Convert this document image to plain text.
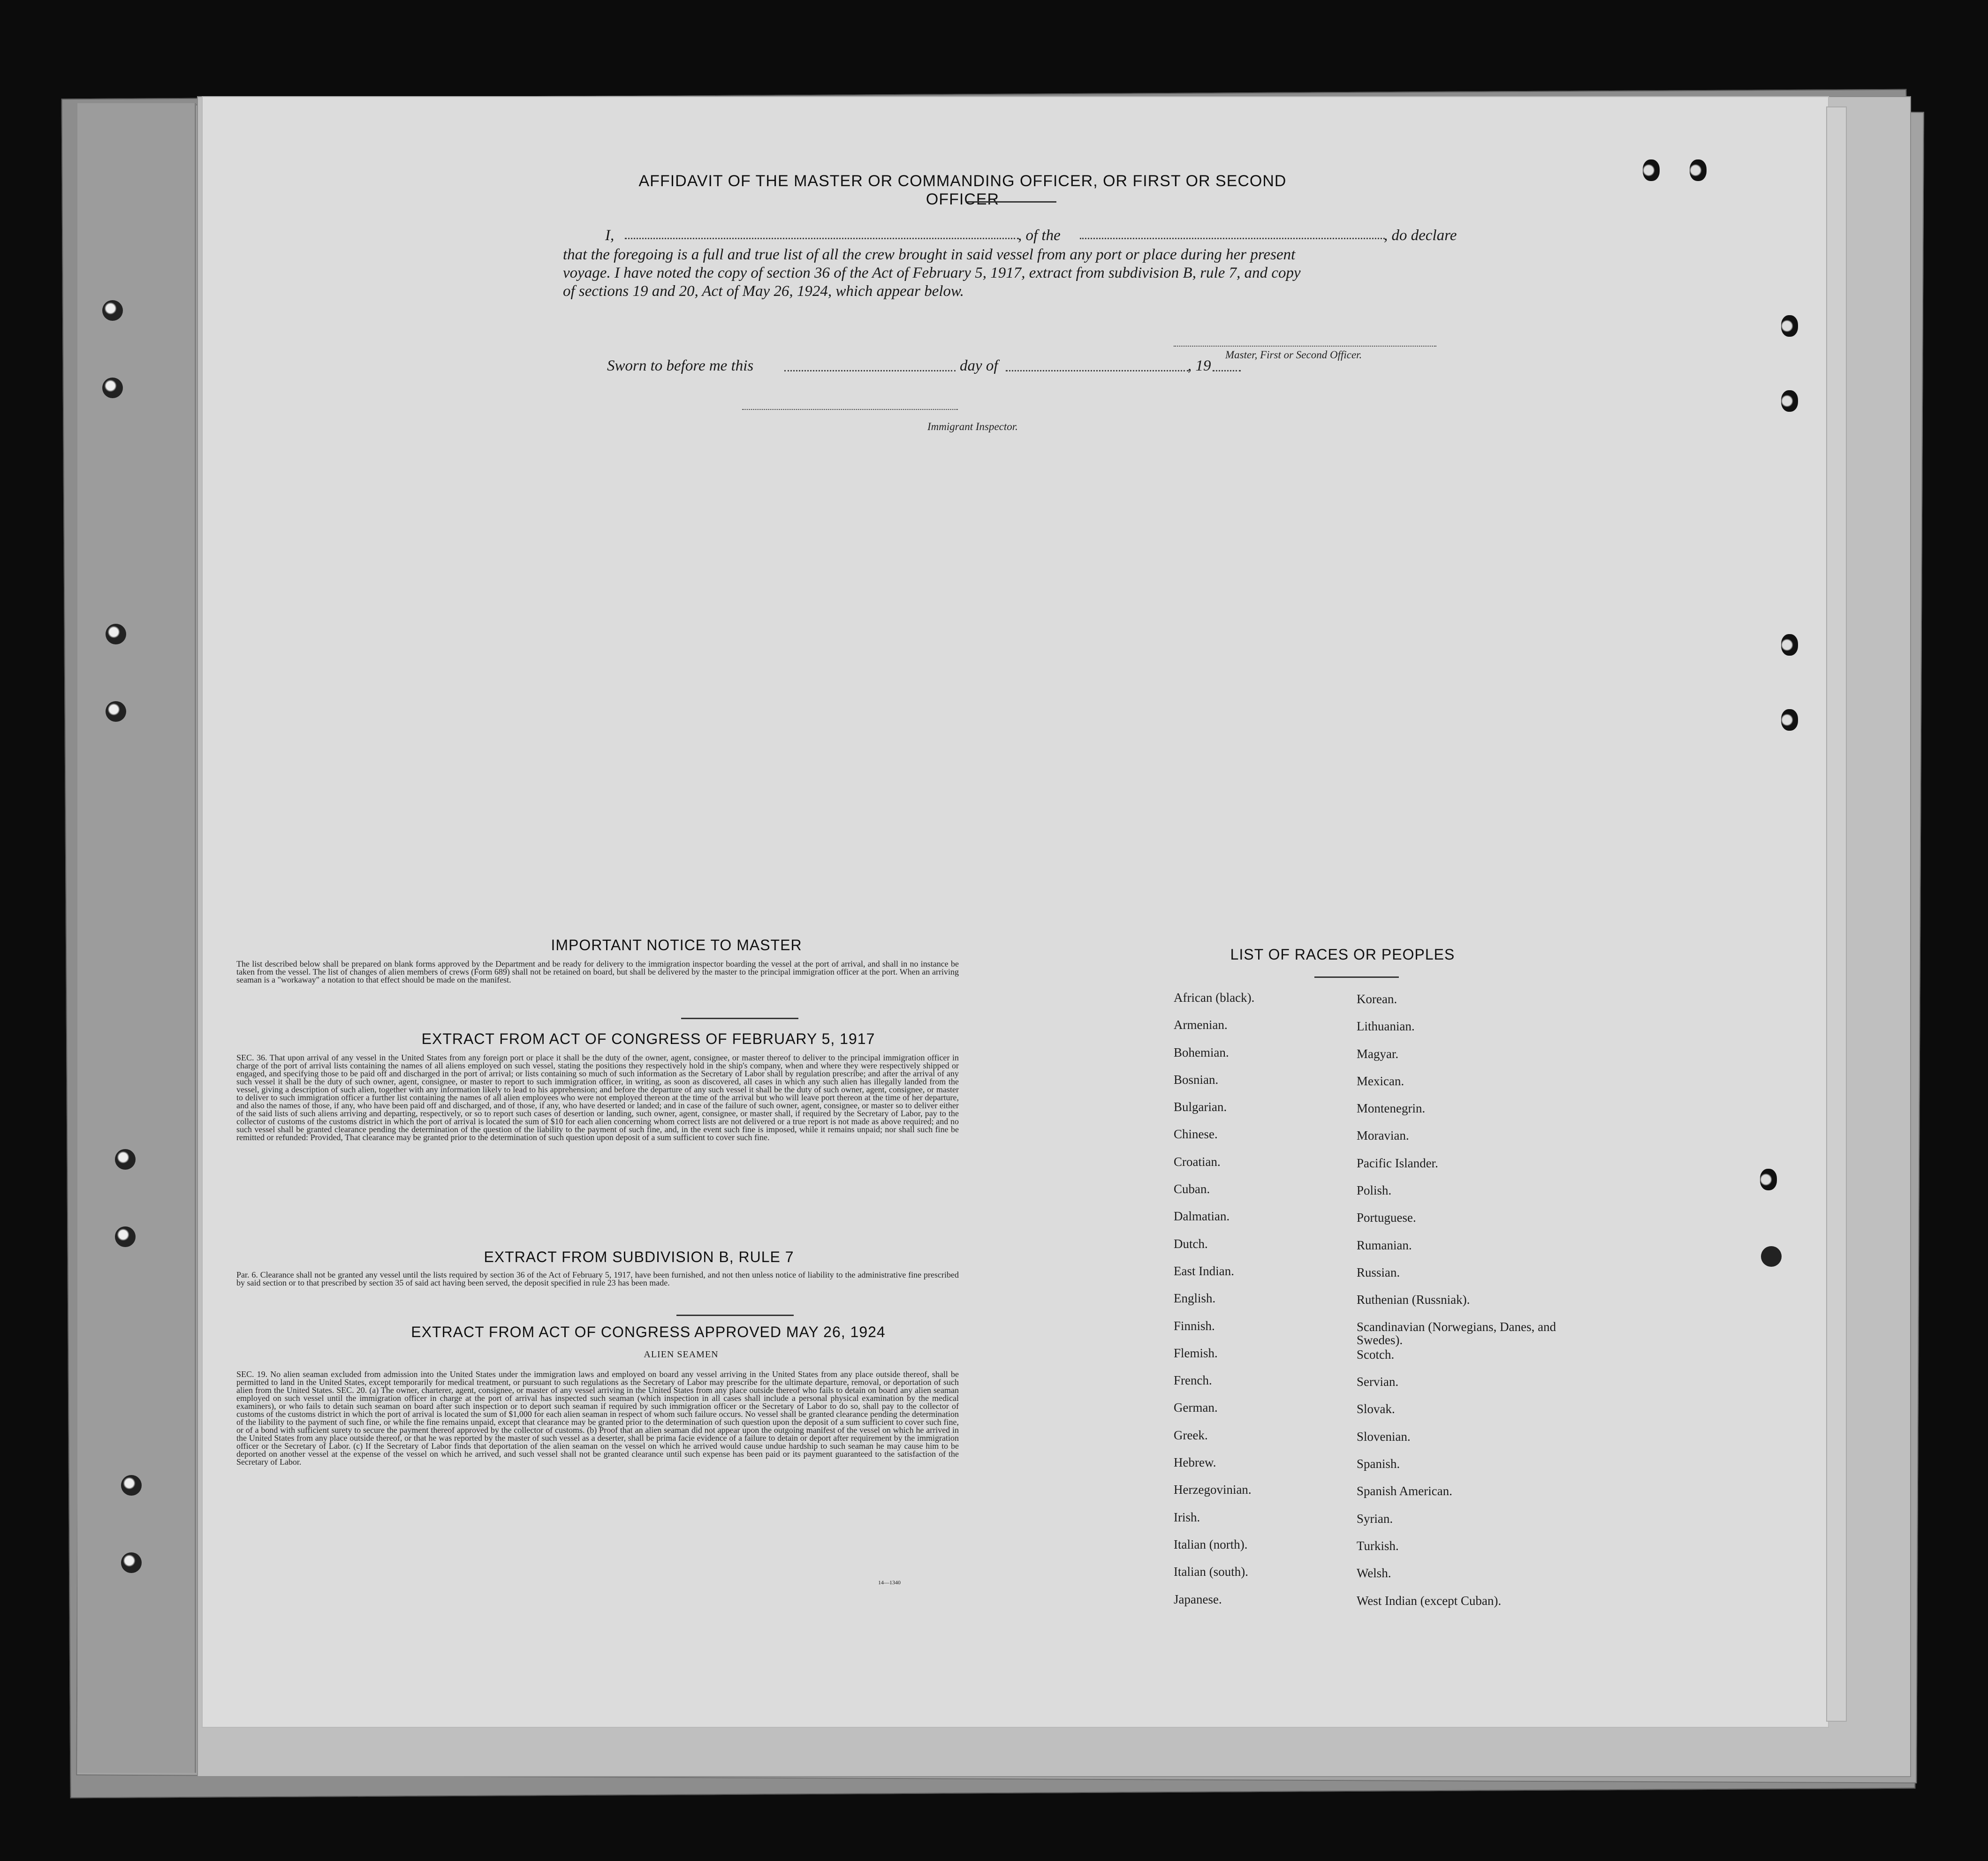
AFFIDAVIT OF THE MASTER OR COMMANDING OFFICER, OR FIRST OR SECOND OFFICER
I,	, of the	, do declare
that the foregoing is a full and true list of all the crew brought in said vessel from any port or place during her present
voyage. I have noted the copy of section 36 of the Act of February 5, 1917, extract from subdivision B, rule 7, and copy
of sections 19 and 20, Act of May 26, 1924, which appear below.
Master, First or Second Officer.
Sworn to before me this	day of	, 19
Immigrant Inspector.
IMPORTANT NOTICE TO MASTER
The list described below shall be prepared on blank forms approved by the Department and be ready for delivery to the immigration inspector boarding the vessel at the port of arrival, and shall in no instance be taken from the vessel. The list of changes of alien members of crews (Form 689) shall not be retained on board, but shall be delivered by the master to the principal immigration officer at the port. When an arriving seaman is a "workaway" a notation to that effect should be made on the manifest.
EXTRACT FROM ACT OF CONGRESS OF FEBRUARY 5, 1917
SEC. 36. That upon arrival of any vessel in the United States from any foreign port or place it shall be the duty of the owner, agent, consignee, or master thereof to deliver to the principal immigration officer in charge of the port of arrival lists containing the names of all aliens employed on such vessel, stating the positions they respectively hold in the ship's company, when and where they were respectively shipped or engaged, and specifying those to be paid off and discharged in the port of arrival; or lists containing so much of such information as the Secretary of Labor shall by regulation prescribe; and after the arrival of any such vessel it shall be the duty of such owner, agent, consignee, or master to report to such immigration officer, in writing, as soon as discovered, all cases in which any such alien has illegally landed from the vessel, giving a description of such alien, together with any information likely to lead to his apprehension; and before the departure of any such vessel it shall be the duty of such owner, agent, consignee, or master to deliver to such immigration officer a further list containing the names of all alien employees who were not employed thereon at the time of the arrival but who will leave port thereon at the time of her departure, and also the names of those, if any, who have been paid off and discharged, and of those, if any, who have deserted or landed; and in case of the failure of such owner, agent, consignee, or master so to deliver either of the said lists of such aliens arriving and departing, respectively, or so to report such cases of desertion or landing, such owner, agent, consignee, or master shall, if required by the Secretary of Labor, pay to the collector of customs of the customs district in which the port of arrival is located the sum of $10 for each alien concerning whom correct lists are not delivered or a true report is not made as above required; and no such vessel shall be granted clearance pending the determination of the question of the liability to the payment of such fine, and, in the event such fine is imposed, while it remains unpaid; nor shall such fine be remitted or refunded: Provided, That clearance may be granted prior to the determination of such question upon deposit of a sum sufficient to cover such fine.
EXTRACT FROM SUBDIVISION B, RULE 7
Par. 6. Clearance shall not be granted any vessel until the lists required by section 36 of the Act of February 5, 1917, have been furnished, and not then unless notice of liability to the administrative fine prescribed by said section or to that prescribed by section 35 of said act having been served, the deposit specified in rule 23 has been made.
EXTRACT FROM ACT OF CONGRESS APPROVED MAY 26, 1924
ALIEN SEAMEN
SEC. 19. No alien seaman excluded from admission into the United States under the immigration laws and employed on board any vessel arriving in the United States from any place outside thereof, shall be permitted to land in the United States, except temporarily for medical treatment, or pursuant to such regulations as the Secretary of Labor may prescribe for the ultimate departure, removal, or deportation of such alien from the United States. SEC. 20. (a) The owner, charterer, agent, consignee, or master of any vessel arriving in the United States from any place outside thereof who fails to detain on board any alien seaman employed on such vessel until the immigration officer in charge at the port of arrival has inspected such seaman (which inspection in all cases shall include a personal physical examination by the medical examiners), or who fails to detain such seaman on board after such inspection or to deport such seaman if required by such immigration officer or the Secretary of Labor to do so, shall pay to the collector of customs of the customs district in which the port of arrival is located the sum of $1,000 for each alien seaman in respect of whom such failure occurs. No vessel shall be granted clearance pending the determination of the liability to the payment of such fine, or while the fine remains unpaid, except that clearance may be granted prior to the determination of such question upon the deposit of a sum sufficient to cover such fine, or of a bond with sufficient surety to secure the payment thereof approved by the collector of customs. (b) Proof that an alien seaman did not appear upon the outgoing manifest of the vessel on which he arrived in the United States from any place outside thereof, or that he was reported by the master of such vessel as a deserter, shall be prima facie evidence of a failure to detain or deport after requirement by the immigration officer or the Secretary of Labor. (c) If the Secretary of Labor finds that deportation of the alien seaman on the vessel on which he arrived would cause undue hardship to such seaman he may cause him to be deported on another vessel at the expense of the vessel on which he arrived, and such vessel shall not be granted clearance until such expense has been paid or its payment guaranteed to the satisfaction of the Secretary of Labor.
14—1340
LIST OF RACES OR PEOPLES
African (black).
Armenian.
Bohemian.
Bosnian.
Bulgarian.
Chinese.
Croatian.
Cuban.
Dalmatian.
Dutch.
East Indian.
English.
Finnish.
Flemish.
French.
German.
Greek.
Hebrew.
Herzegovinian.
Irish.
Italian (north).
Italian (south).
Japanese.
Korean.
Lithuanian.
Magyar.
Mexican.
Montenegrin.
Moravian.
Pacific Islander.
Polish.
Portuguese.
Rumanian.
Russian.
Ruthenian (Russniak).
Scandinavian (Norwegians, Danes, and Swedes).
Scotch.
Servian.
Slovak.
Slovenian.
Spanish.
Spanish American.
Syrian.
Turkish.
Welsh.
West Indian (except Cuban).
